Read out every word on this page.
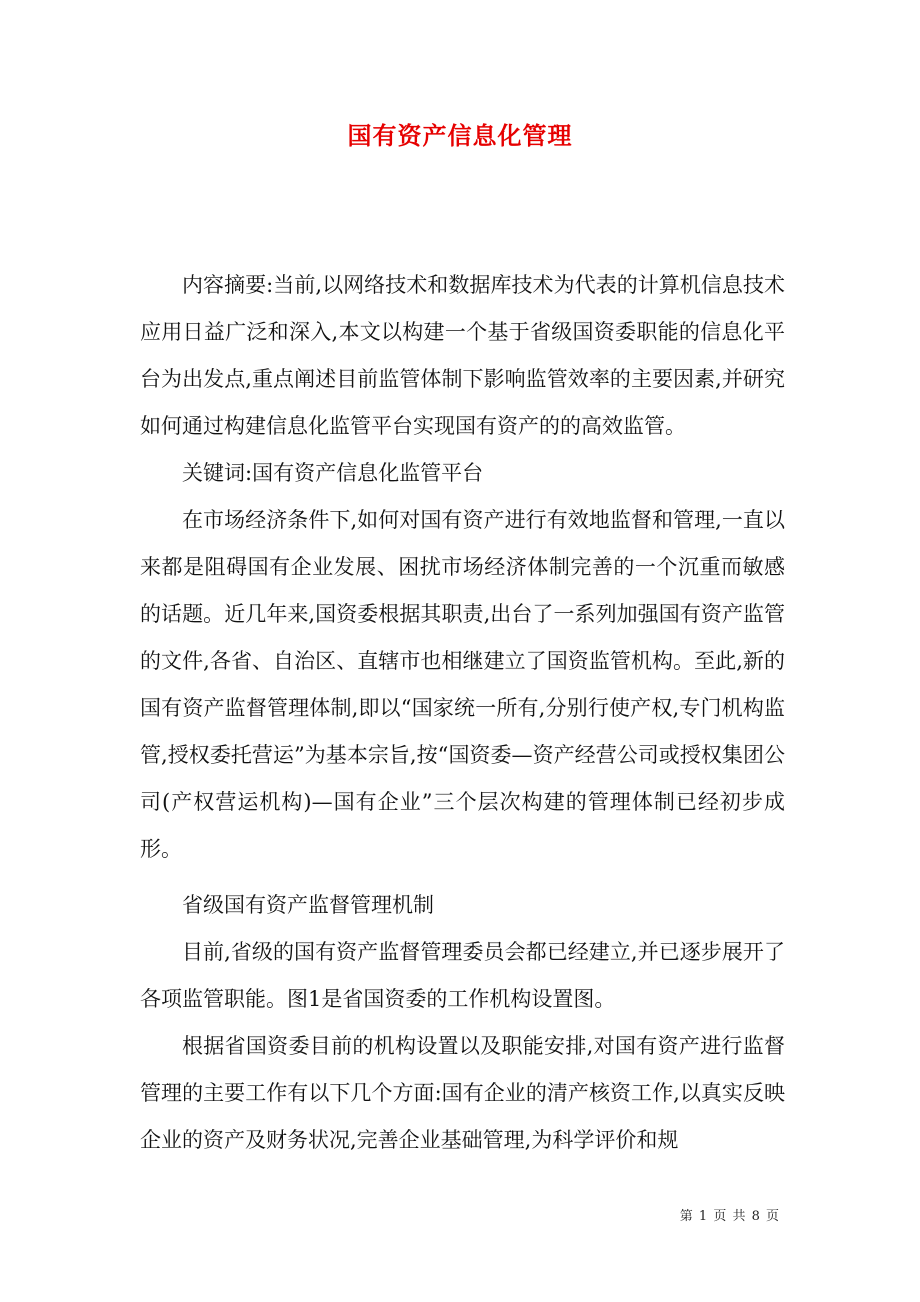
国有资产信息化管理

内容摘要:当前,以网络技术和数据库技术为代表的计算机信息技术应用日益广泛和深入,本文以构建一个基于省级国资委职能的信息化平台为出发点,重点阐述目前监管体制下影响监管效率的主要因素,并研究如何通过构建信息化监管平台实现国有资产的的高效监管。

关键词:国有资产信息化监管平台

在市场经济条件下,如何对国有资产进行有效地监督和管理,一直以来都是阻碍国有企业发展、困扰市场经济体制完善的一个沉重而敏感的话题。近几年来,国资委根据其职责,出台了一系列加强国有资产监管的文件,各省、自治区、直辖市也相继建立了国资监管机构。至此,新的国有资产监督管理体制,即以“国家统一所有,分别行使产权,专门机构监管,授权委托营运”为基本宗旨,按“国资委—资产经营公司或授权集团公司(产权营运机构)—国有企业”三个层次构建的管理体制已经初步成形。

省级国有资产监督管理机制

目前,省级的国有资产监督管理委员会都已经建立,并已逐步展开了各项监管职能。图1是省国资委的工作机构设置图。

根据省国资委目前的机构设置以及职能安排,对国有资产进行监督管理的主要工作有以下几个方面:国有企业的清产核资工作,以真实反映企业的资产及财务状况,完善企业基础管理,为科学评价和规

第 1 页 共 8 页
